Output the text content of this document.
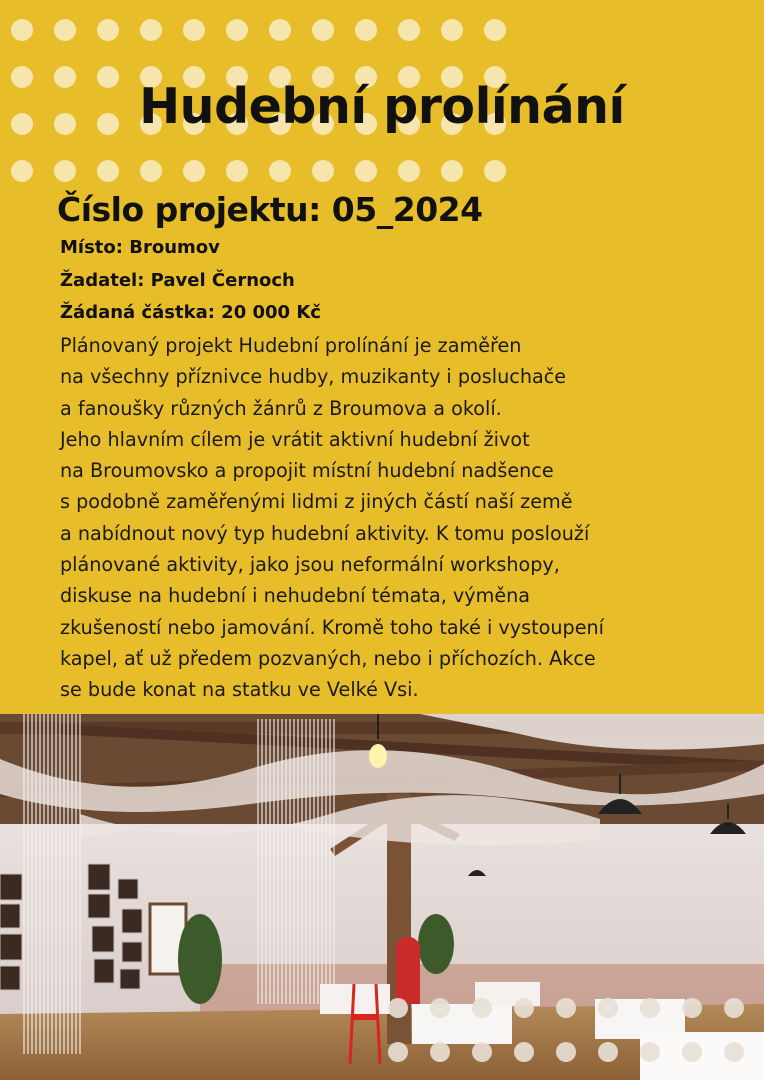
Hudební prolínání
Číslo projektu: 05_2024

Místo: Broumov

Žadatel: Pavel Černoch

Žádaná částka: 20 000 Kč

Plánovaný projekt Hudební prolínání je zaměřen
na všechny příznivce hudby, muzikanty i posluchače
a fanoušky různých žánrů z Broumova a okolí.
Jeho hlavním cílem je vrátit aktivní hudební život
na Broumovsko a propojit místní hudební nadšence
s podobně zaměřenými lidmi z jiných částí naší země
a nabídnout nový typ hudební aktivity. K tomu poslouží
plánované aktivity, jako jsou neformální workshopy,
diskuse na hudební i nehudební témata, výměna
zkušeností nebo jamování. Kromě toho také i vystoupení
kapel, ať už předem pozvaných, nebo i příchozích. Akce
se bude konat na statku ve Velké Vsi.
